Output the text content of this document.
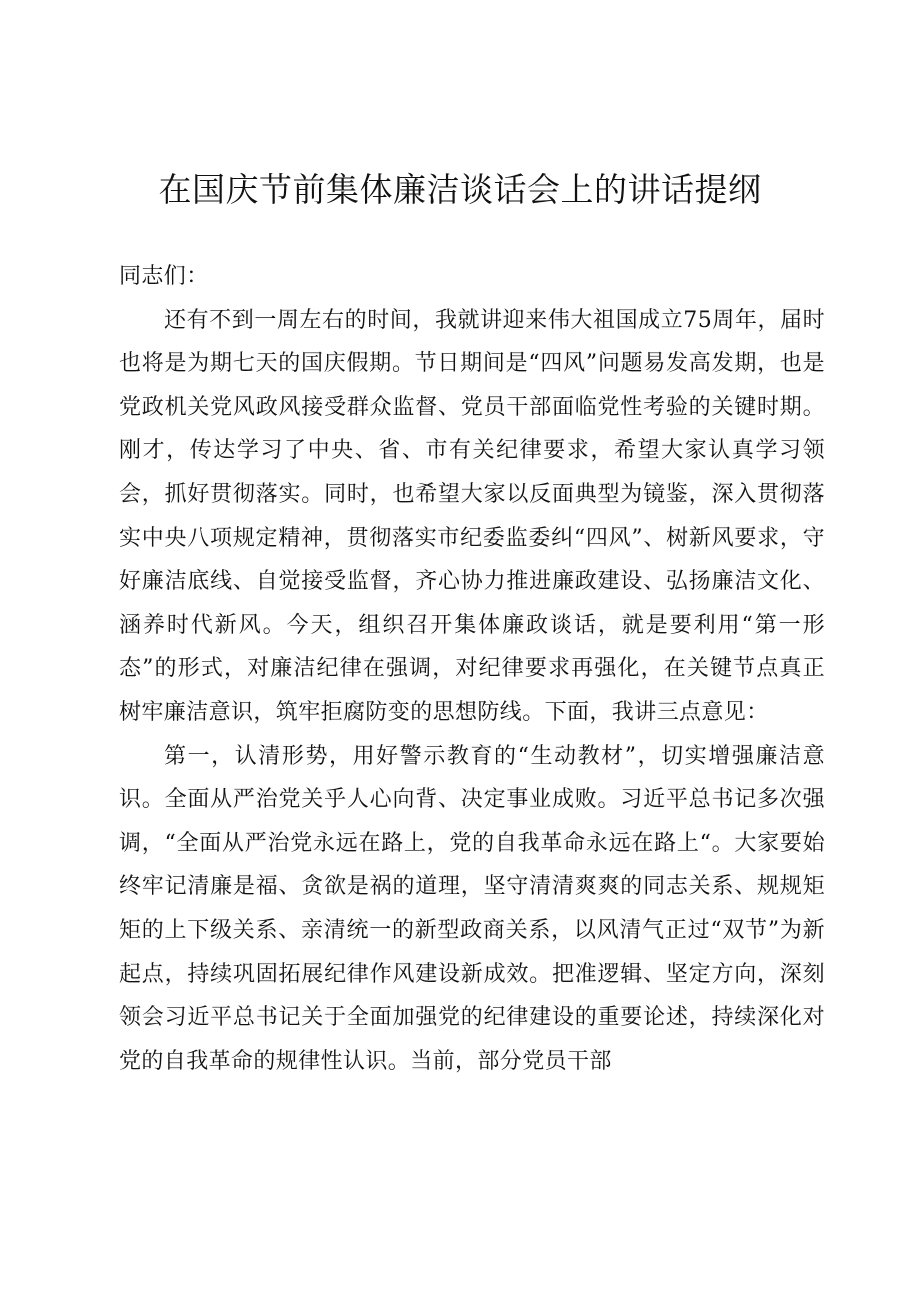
在国庆节前集体廉洁谈话会上的讲话提纲

同志们：

还有不到一周左右的时间，我就讲迎来伟大祖国成立75周年，届时也将是为期七天的国庆假期。节日期间是“四风”问题易发高发期，也是党政机关党风政风接受群众监督、党员干部面临党性考验的关键时期。刚才，传达学习了中央、省、市有关纪律要求，希望大家认真学习领会，抓好贯彻落实。同时，也希望大家以反面典型为镜鉴，深入贯彻落实中央八项规定精神，贯彻落实市纪委监委纠“四风”、树新风要求，守好廉洁底线、自觉接受监督，齐心协力推进廉政建设、弘扬廉洁文化、涵养时代新风。今天，组织召开集体廉政谈话，就是要利用“第一形态”的形式，对廉洁纪律在强调，对纪律要求再强化，在关键节点真正树牢廉洁意识，筑牢拒腐防变的思想防线。下面，我讲三点意见：

第一，认清形势，用好警示教育的“生动教材”，切实增强廉洁意识。全面从严治党关乎人心向背、决定事业成败。习近平总书记多次强调，“全面从严治党永远在路上，党的自我革命永远在路上“。大家要始终牢记清廉是福、贪欲是祸的道理，坚守清清爽爽的同志关系、规规矩矩的上下级关系、亲清统一的新型政商关系，以风清气正过“双节”为新起点，持续巩固拓展纪律作风建设新成效。把准逻辑、坚定方向，深刻领会习近平总书记关于全面加强党的纪律建设的重要论述，持续深化对党的自我革命的规律性认识。当前，部分党员干部
